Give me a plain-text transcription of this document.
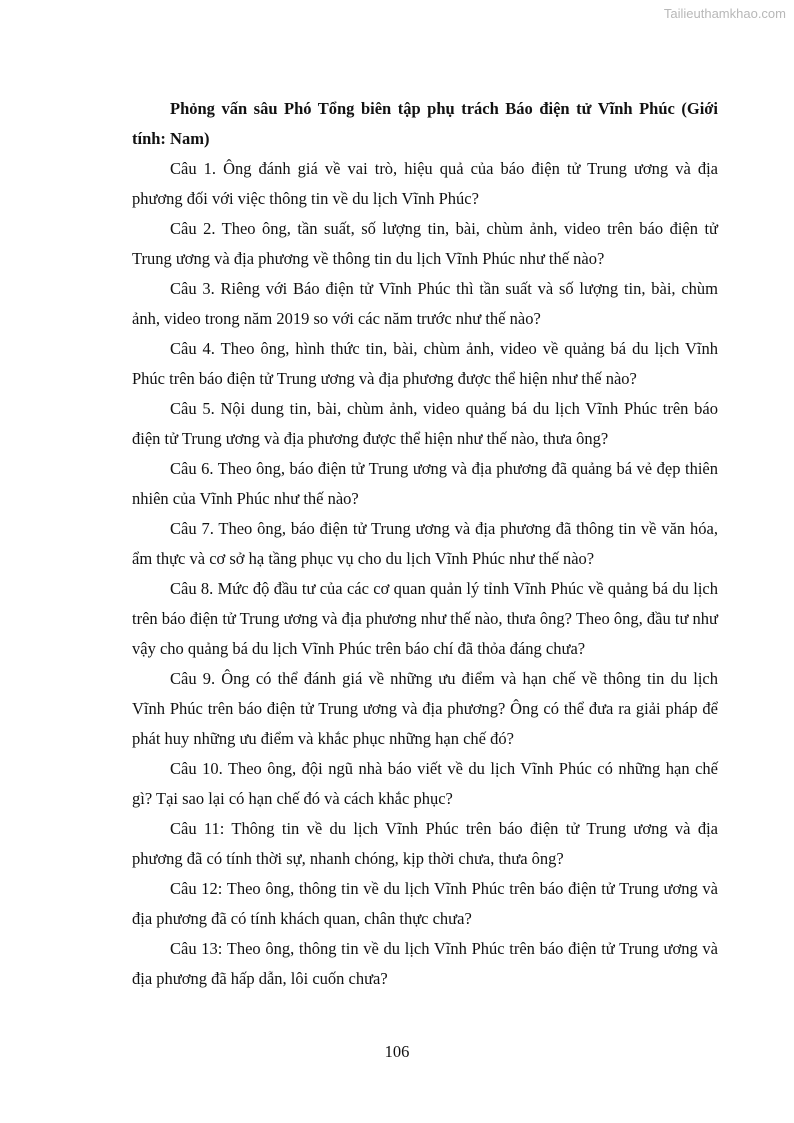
Tailieuthamkhao.com

Phỏng vấn sâu Phó Tổng biên tập phụ trách Báo điện tử Vĩnh Phúc (Giới tính: Nam)

Câu 1. Ông đánh giá về vai trò, hiệu quả của báo điện tử Trung ương và địa phương đối với việc thông tin về du lịch Vĩnh Phúc?

Câu 2. Theo ông, tần suất, số lượng tin, bài, chùm ảnh, video trên báo điện tử Trung ương và địa phương về thông tin du lịch Vĩnh Phúc như thế nào?

Câu 3. Riêng với Báo điện tử Vĩnh Phúc thì tần suất và số lượng tin, bài, chùm ảnh, video trong năm 2019 so với các năm trước như thế nào?

Câu 4. Theo ông, hình thức tin, bài, chùm ảnh, video về quảng bá du lịch Vĩnh Phúc trên báo điện tử Trung ương và địa phương được thể hiện như thế nào?

Câu 5. Nội dung tin, bài, chùm ảnh, video quảng bá du lịch Vĩnh Phúc trên báo điện tử Trung ương và địa phương được thể hiện như thế nào, thưa ông?

Câu 6. Theo ông, báo điện tử Trung ương và địa phương đã quảng bá vẻ đẹp thiên nhiên của Vĩnh Phúc như thế nào?

Câu 7. Theo ông, báo điện tử Trung ương và địa phương đã thông tin về văn hóa, ẩm thực và cơ sở hạ tầng phục vụ cho du lịch Vĩnh Phúc như thế nào?

Câu 8. Mức độ đầu tư của các cơ quan quản lý tỉnh Vĩnh Phúc về quảng bá du lịch trên báo điện tử Trung ương và địa phương như thế nào, thưa ông? Theo ông, đầu tư như vậy cho quảng bá du lịch Vĩnh Phúc trên báo chí đã thỏa đáng chưa?

Câu 9. Ông có thể đánh giá về những ưu điểm và hạn chế về thông tin du lịch Vĩnh Phúc trên báo điện tử Trung ương và địa phương? Ông có thể đưa ra giải pháp để phát huy những ưu điểm và khắc phục những hạn chế đó?

Câu 10. Theo ông, đội ngũ nhà báo viết về du lịch Vĩnh Phúc có những hạn chế gì? Tại sao lại có hạn chế đó và cách khắc phục?

Câu 11: Thông tin về du lịch Vĩnh Phúc trên báo điện tử Trung ương và địa phương đã có tính thời sự, nhanh chóng, kịp thời chưa, thưa ông?

Câu 12: Theo ông, thông tin về du lịch Vĩnh Phúc trên báo điện tử Trung ương và địa phương đã có tính khách quan, chân thực chưa?

Câu 13: Theo ông, thông tin về du lịch Vĩnh Phúc trên báo điện tử Trung ương và địa phương đã hấp dẫn, lôi cuốn chưa?

106
